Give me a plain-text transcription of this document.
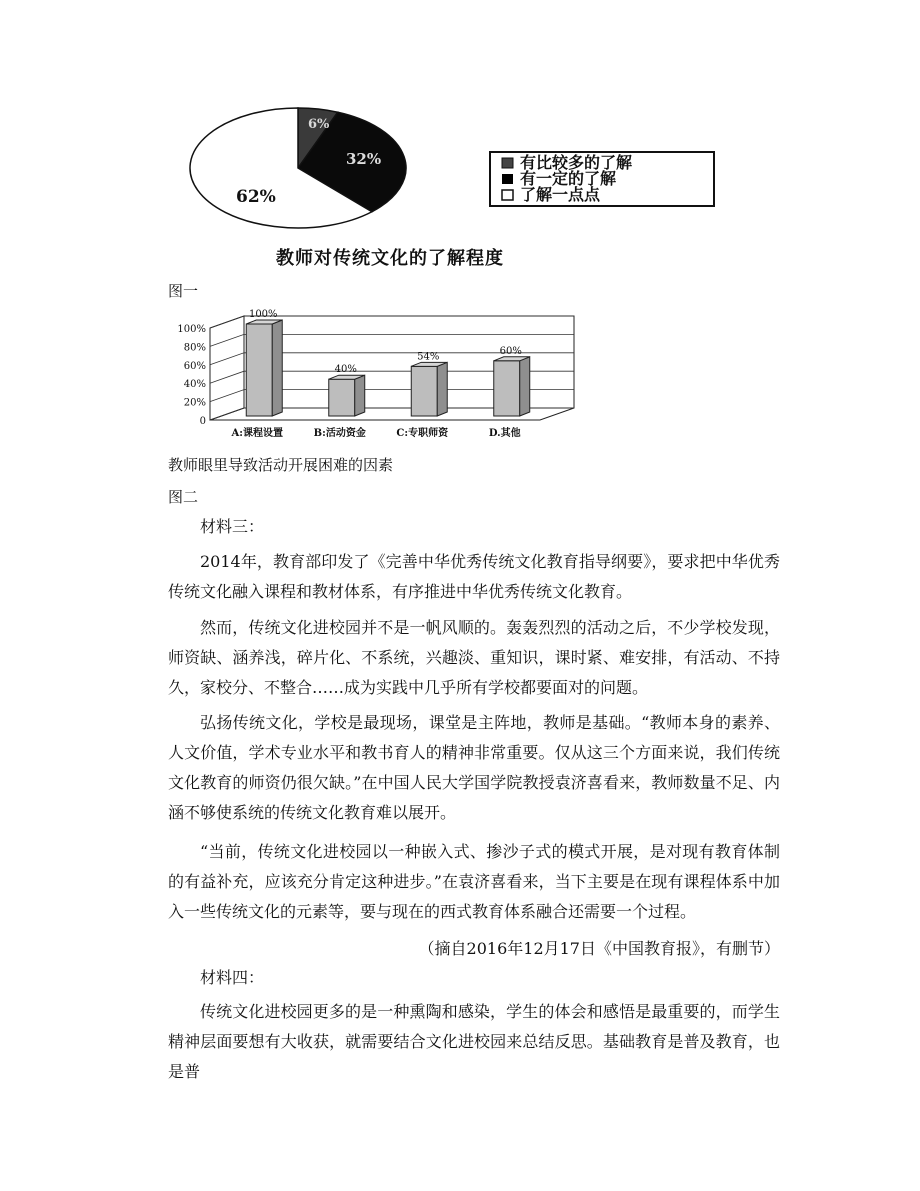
6%
32%
62%
有比较多的了解
有一定的了解
了解一点点
教师对传统文化的了解程度
图一
0
20%
40%
60%
80%
100%
100%
A:课程设置
40%
B:活动资金
54%
C:专职师资
60%
D.其他
教师眼里导致活动开展困难的因素
图二

材料三：

2014年，教育部印发了《完善中华优秀传统文化教育指导纲要》，要求把中华优秀传统文化融入课程和教材体系，有序推进中华优秀传统文化教育。

然而，传统文化进校园并不是一帆风顺的。轰轰烈烈的活动之后，不少学校发现，师资缺、涵养浅，碎片化、不系统，兴趣淡、重知识，课时紧、难安排，有活动、不持久，家校分、不整合……成为实践中几乎所有学校都要面对的问题。

弘扬传统文化，学校是最现场，课堂是主阵地，教师是基础。“教师本身的素养、人文价值，学术专业水平和教书育人的精神非常重要。仅从这三个方面来说，我们传统文化教育的师资仍很欠缺。”在中国人民大学国学院教授袁济喜看来，教师数量不足、内涵不够使系统的传统文化教育难以展开。

“当前，传统文化进校园以一种嵌入式、掺沙子式的模式开展，是对现有教育体制的有益补充，应该充分肯定这种进步。”在袁济喜看来，当下主要是在现有课程体系中加入一些传统文化的元素等，要与现在的西式教育体系融合还需要一个过程。

（摘自2016年12月17日《中国教育报》，有删节）

材料四：

传统文化进校园更多的是一种熏陶和感染，学生的体会和感悟是最重要的，而学生精神层面要想有大收获，就需要结合文化进校园来总结反思。基础教育是普及教育，也是普
